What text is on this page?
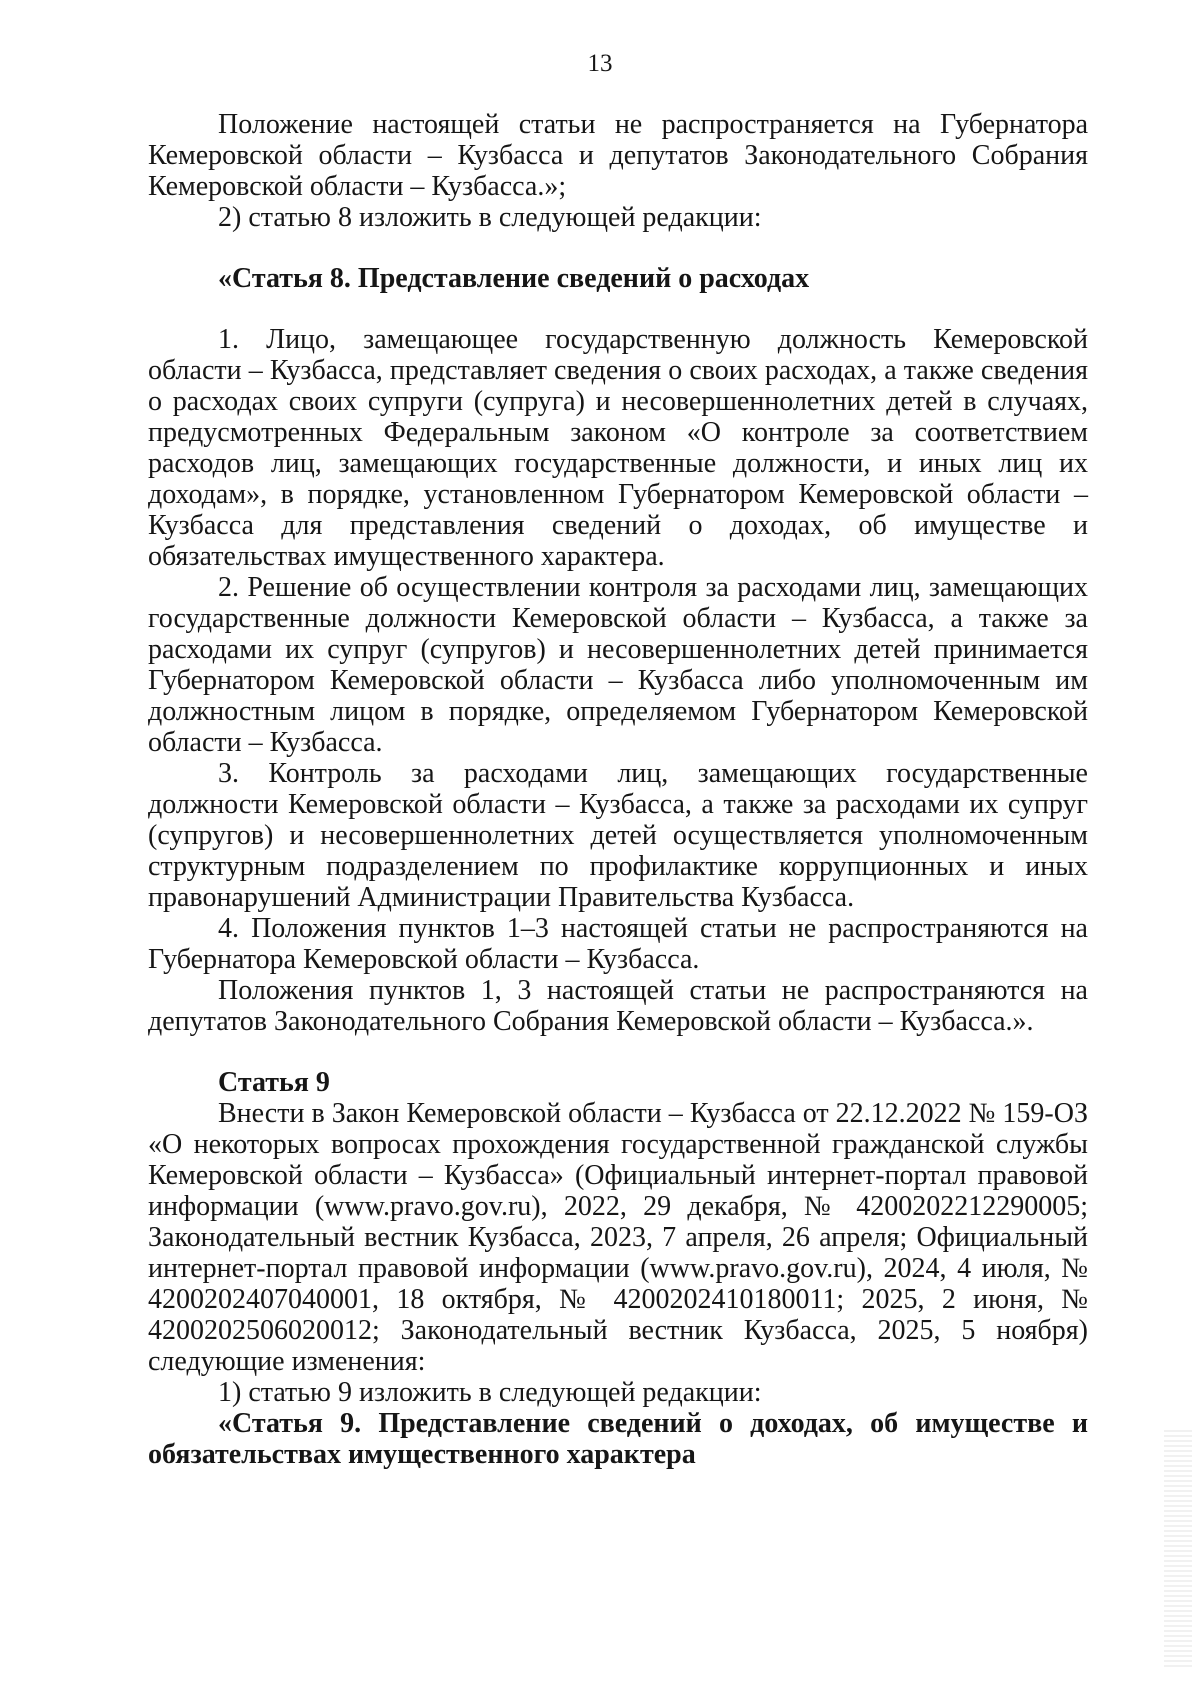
13

Положение настоящей статьи не распространяется на Губернатора Кемеровской области – Кузбасса и депутатов Законодательного Собрания Кемеровской области – Кузбасса.»;

2) статью 8 изложить в следующей редакции:

«Статья 8. Представление сведений о расходах

1. Лицо, замещающее государственную должность Кемеровской области – Кузбасса, представляет сведения о своих расходах, а также сведения о расходах своих супруги (супруга) и несовершеннолетних детей в случаях, предусмотренных Федеральным законом «О контроле за соответствием расходов лиц, замещающих государственные должности, и иных лиц их доходам», в порядке, установленном Губернатором Кемеровской области – Кузбасса для представления сведений о доходах, об имуществе и обязательствах имущественного характера.

2. Решение об осуществлении контроля за расходами лиц, замещающих государственные должности Кемеровской области – Кузбасса, а также за расходами их супруг (супругов) и несовершеннолетних детей принимается Губернатором Кемеровской области – Кузбасса либо уполномоченным им должностным лицом в порядке, определяемом Губернатором Кемеровской области – Кузбасса.

3. Контроль за расходами лиц, замещающих государственные должности Кемеровской области – Кузбасса, а также за расходами их супруг (супругов) и несовершеннолетних детей осуществляется уполномоченным структурным подразделением по профилактике коррупционных и иных правонарушений Администрации Правительства Кузбасса.

4. Положения пунктов 1–3 настоящей статьи не распространяются на Губернатора Кемеровской области – Кузбасса.

Положения пунктов 1, 3 настоящей статьи не распространяются на депутатов Законодательного Собрания Кемеровской области – Кузбасса.».

Статья 9

Внести в Закон Кемеровской области – Кузбасса от 22.12.2022 № 159-ОЗ «О некоторых вопросах прохождения государственной гражданской службы Кемеровской области – Кузбасса» (Официальный интернет-портал правовой информации (www.pravo.gov.ru), 2022, 29 декабря, № 4200202212290005; Законодательный вестник Кузбасса, 2023, 7 апреля, 26 апреля; Официальный интернет-портал правовой информации (www.pravo.gov.ru), 2024, 4 июля, № 4200202407040001, 18 октября, № 4200202410180011; 2025, 2 июня, № 4200202506020012; Законодательный вестник Кузбасса, 2025, 5 ноября) следующие изменения:

1) статью 9 изложить в следующей редакции:

«Статья 9. Представление сведений о доходах, об имуществе и обязательствах имущественного характера
